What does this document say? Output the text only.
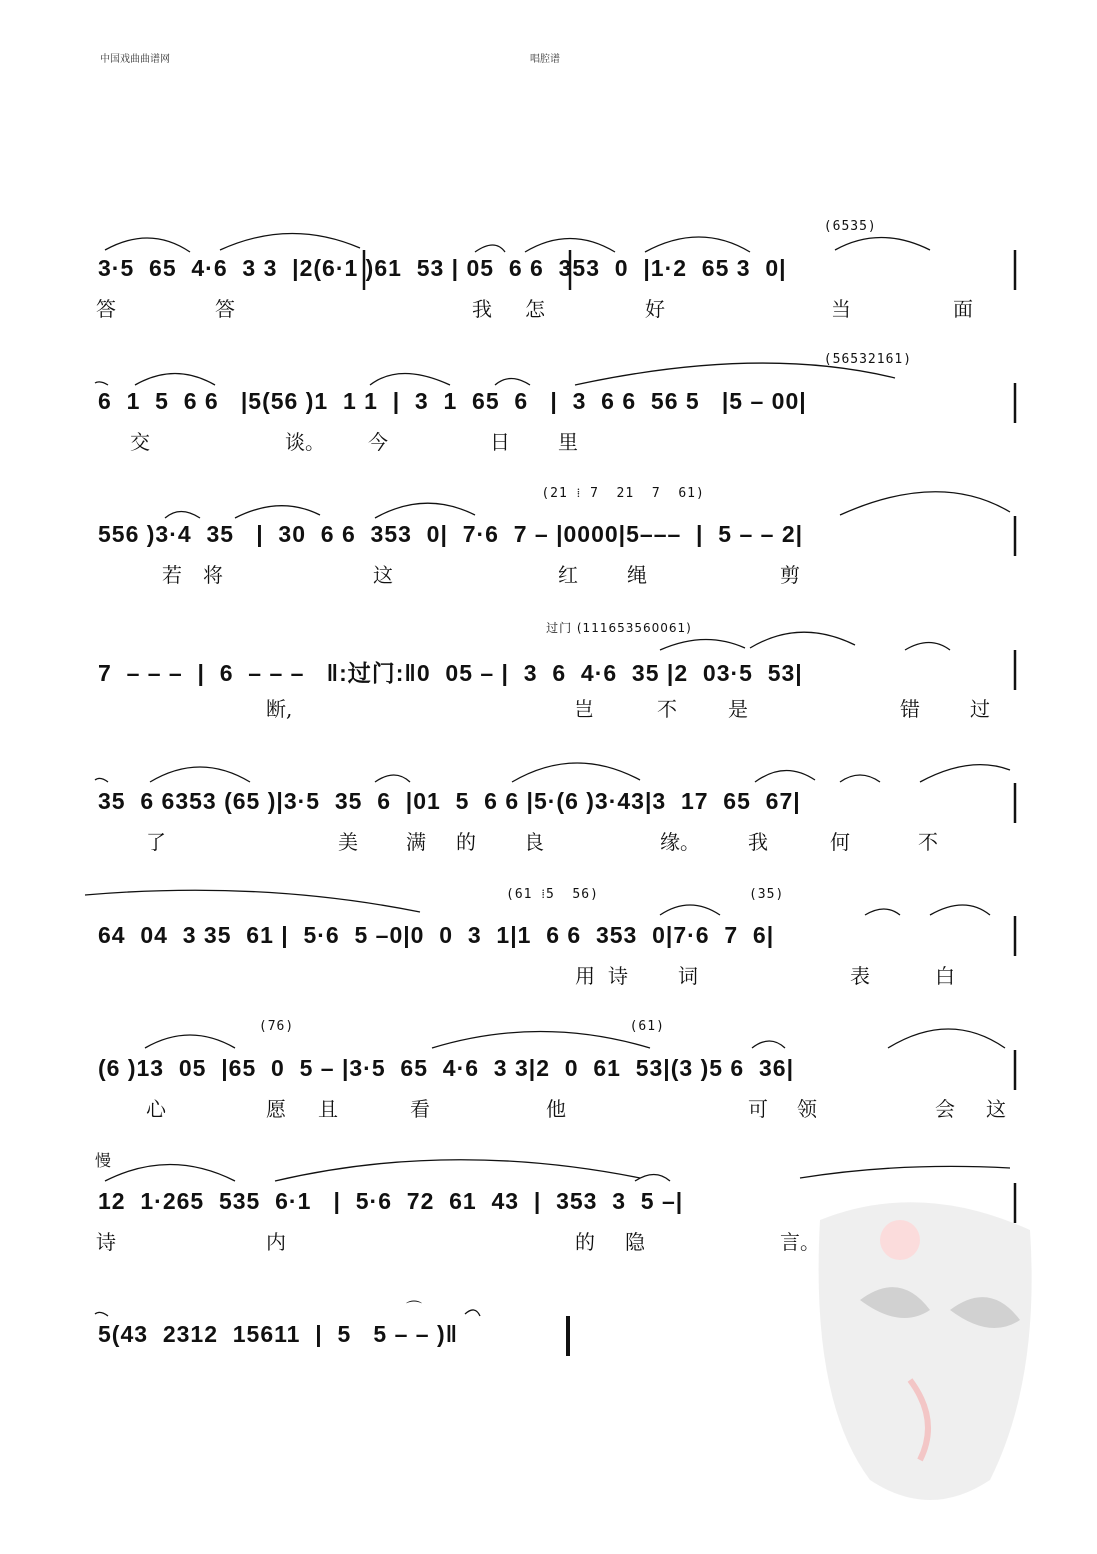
中国戏曲曲谱网	唱腔谱
(6535)
3·5  65  4·6  3 3  |2(6·1 )61  53 | 05  6 6  353  0  |1·2  65 3  0|
答	答	我 怎	好	当	面
(56532161)
6  1  5  6 6   |5(56 )1  1 1  |  3  1  65  6   |  3  6 6  56 5   |5 – 00|
交	谈。 今	日 里
(21 ⁞ 7  21  7  61)
556 )3·4  35   |  30  6 6  353  0|  7·6  7 – |0000|5–––  |  5 – – 2|
若 将	这	红 绳	剪
过门 (111653560061)
7  – – –  |  6  – – –   ‖:过门:‖0  05 – |  3  6  4·6  35 |2  03·5  53|
断,	岂	不	是	错	过
35  6 6353 (65 )|3·5  35  6  |01  5  6 6 |5·(6 )3·43|3  17  65  67|
了	美 满 的 良	缘。 我	何	不
(61 ⁞5  56)                 (35)
64  04  3 35  61 |  5·6  5 –0|0  0  3  1|1  6 6  353  0|7·6  7  6|
用 诗	词	表	白
(76)                                      (61)
(6 )13  05  |65  0  5 – |3·5  65  4·6  3 3|2  0  61  53|(3 )5 6  36|
心	愿 且	看	他	可 领	会 这
慢
12  1·265  535  6·1   |  5·6  72  61  43  |  353  3  5 –|
诗	内	的 隐	言。
5(43  2312  15611  |  5   5 – – )‖
⌒
